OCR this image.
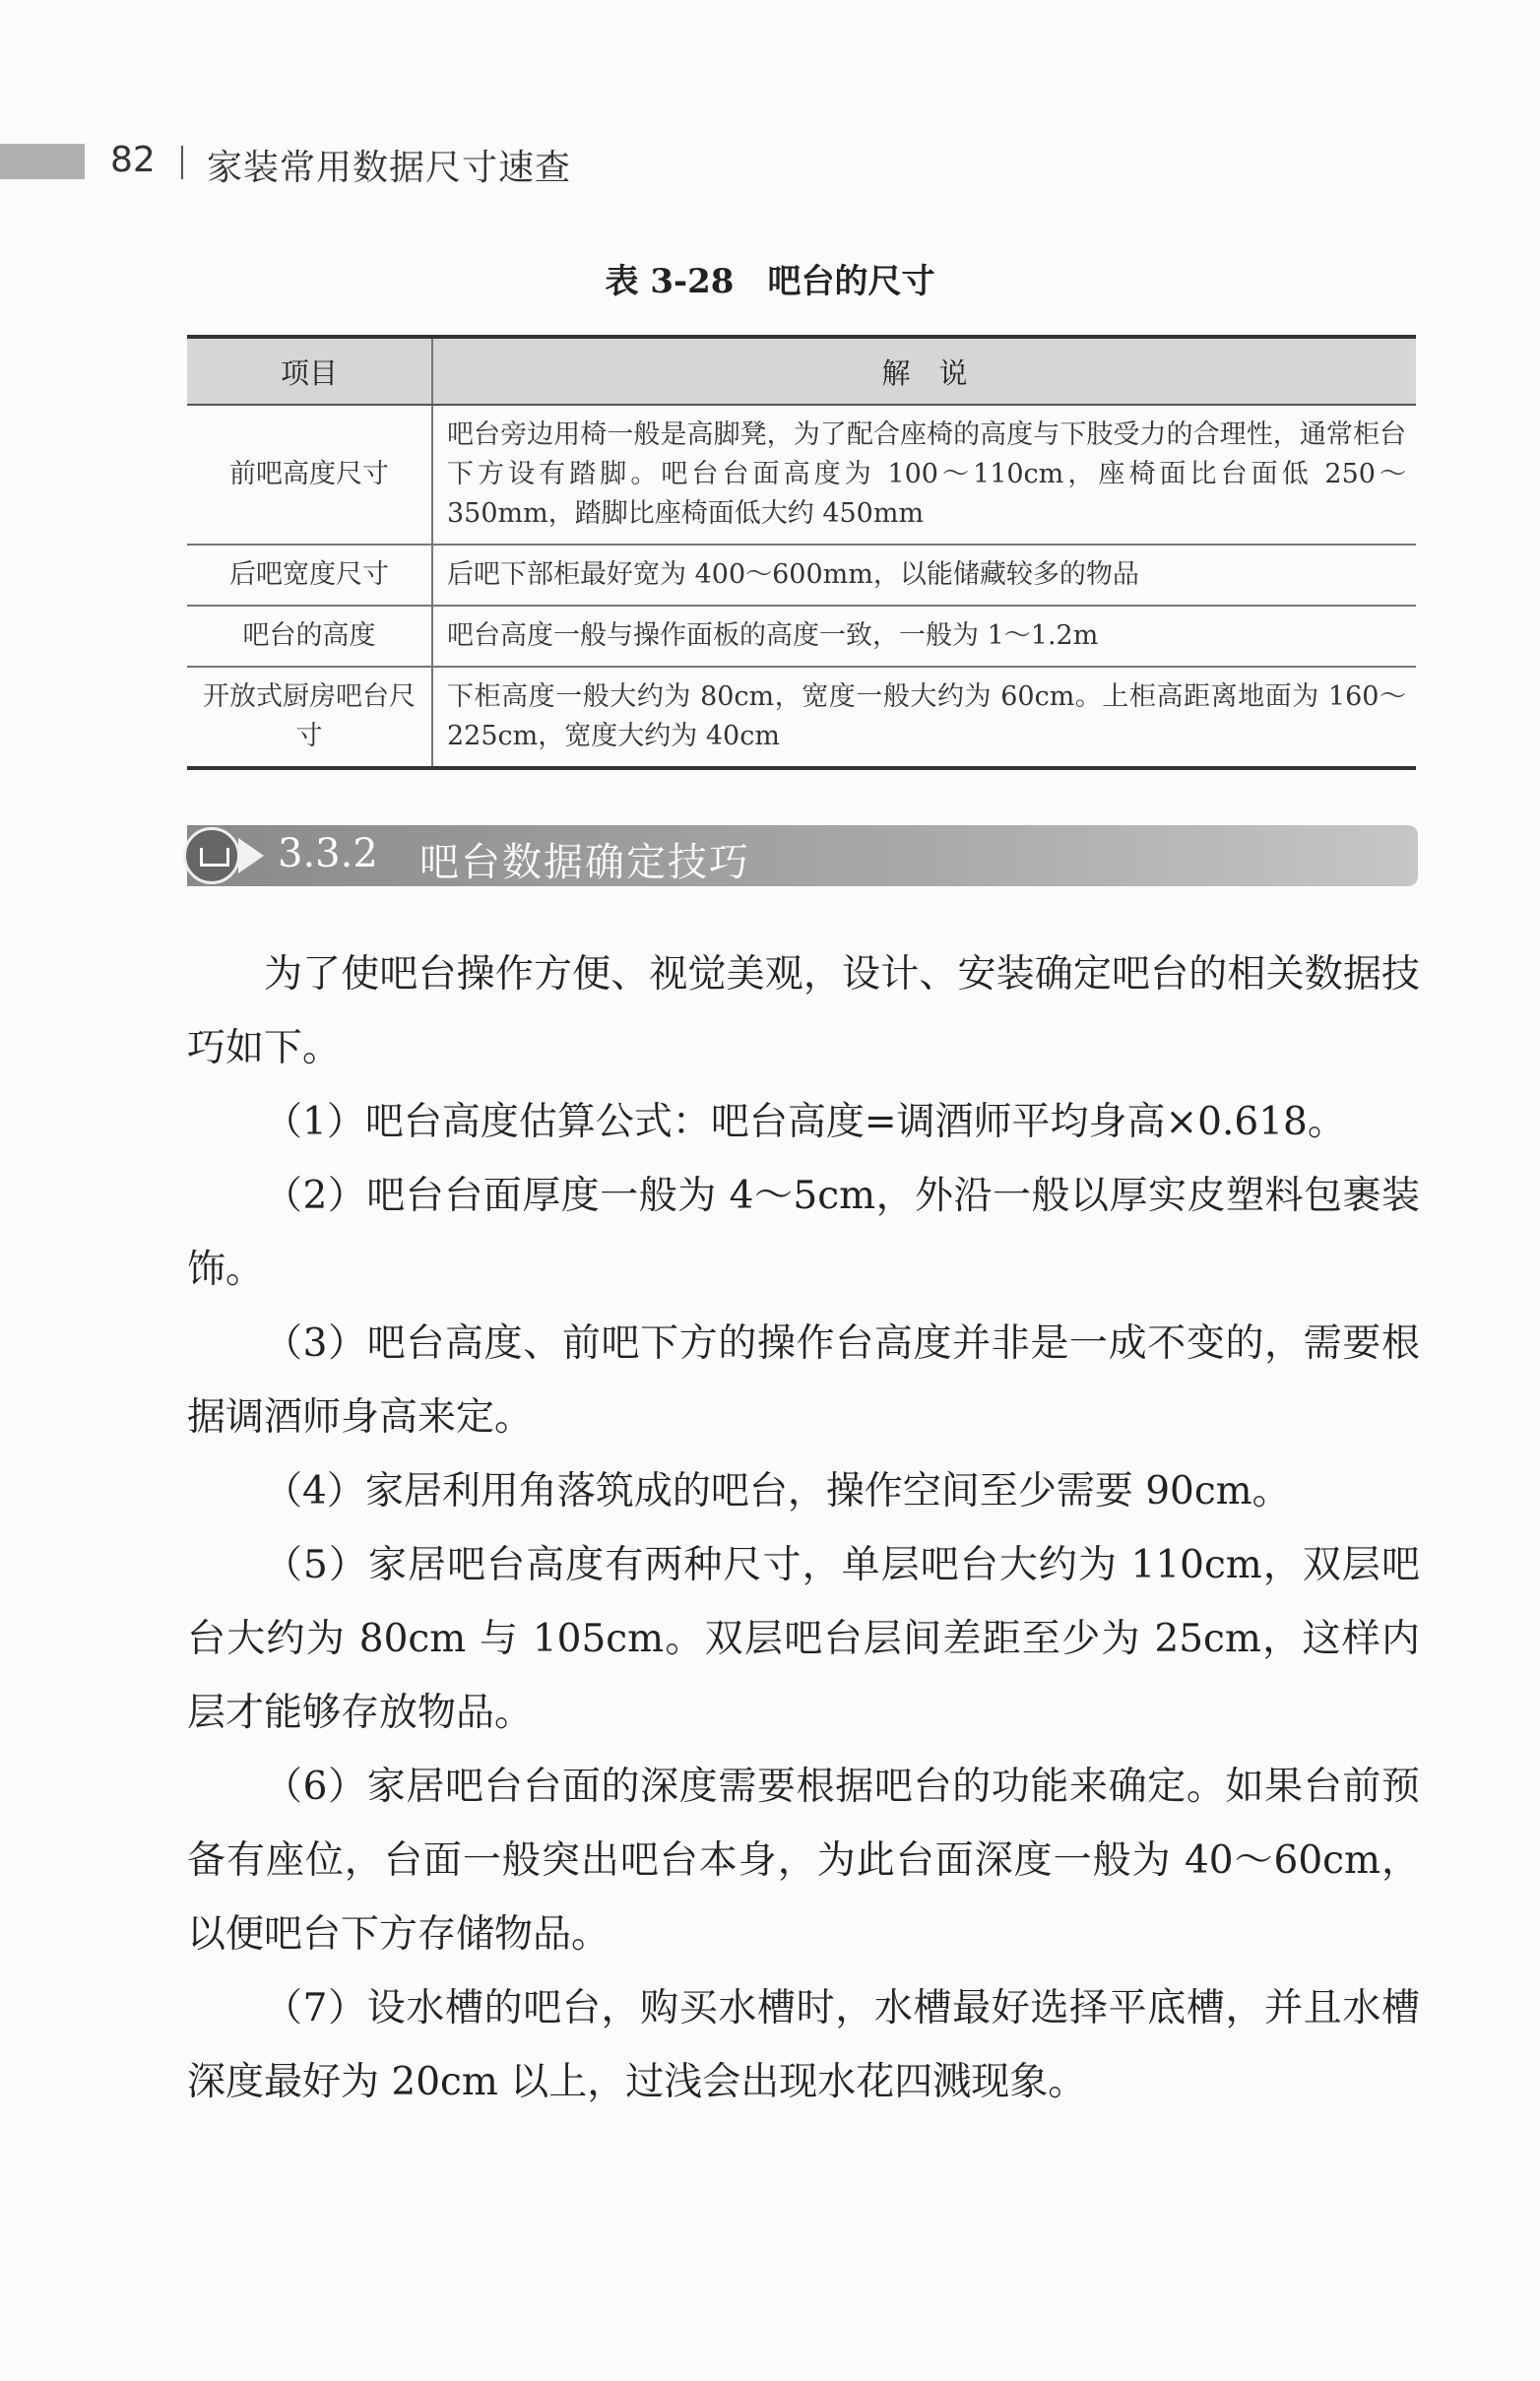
82 家装常用数据尺寸速查
表 3-28　吧台的尺寸
项目	解　说
前吧高度尺寸	吧台旁边用椅一般是高脚凳，为了配合座椅的高度与下肢受力的合理性，通常柜台下方设有踏脚。吧台台面高度为 100～110cm，座椅面比台面低 250～350mm，踏脚比座椅面低大约 450mm
后吧宽度尺寸	后吧下部柜最好宽为 400～600mm，以能储藏较多的物品
吧台的高度	吧台高度一般与操作面板的高度一致，一般为 1～1.2m
开放式厨房吧台尺寸	下柜高度一般大约为 80cm，宽度一般大约为 60cm。上柜高距离地面为 160～225cm，宽度大约为 40cm
3.3.2 吧台数据确定技巧

为了使吧台操作方便、视觉美观，设计、安装确定吧台的相关数据技巧如下。

（1）吧台高度估算公式：吧台高度=调酒师平均身高×0.618。

（2）吧台台面厚度一般为 4～5cm，外沿一般以厚实皮塑料包裹装饰。

（3）吧台高度、前吧下方的操作台高度并非是一成不变的，需要根据调酒师身高来定。

（4）家居利用角落筑成的吧台，操作空间至少需要 90cm。

（5）家居吧台高度有两种尺寸，单层吧台大约为 110cm，双层吧台大约为 80cm 与 105cm。双层吧台层间差距至少为 25cm，这样内层才能够存放物品。

（6）家居吧台台面的深度需要根据吧台的功能来确定。如果台前预备有座位，台面一般突出吧台本身，为此台面深度一般为 40～60cm，以便吧台下方存储物品。

（7）设水槽的吧台，购买水槽时，水槽最好选择平底槽，并且水槽深度最好为 20cm 以上，过浅会出现水花四溅现象。
